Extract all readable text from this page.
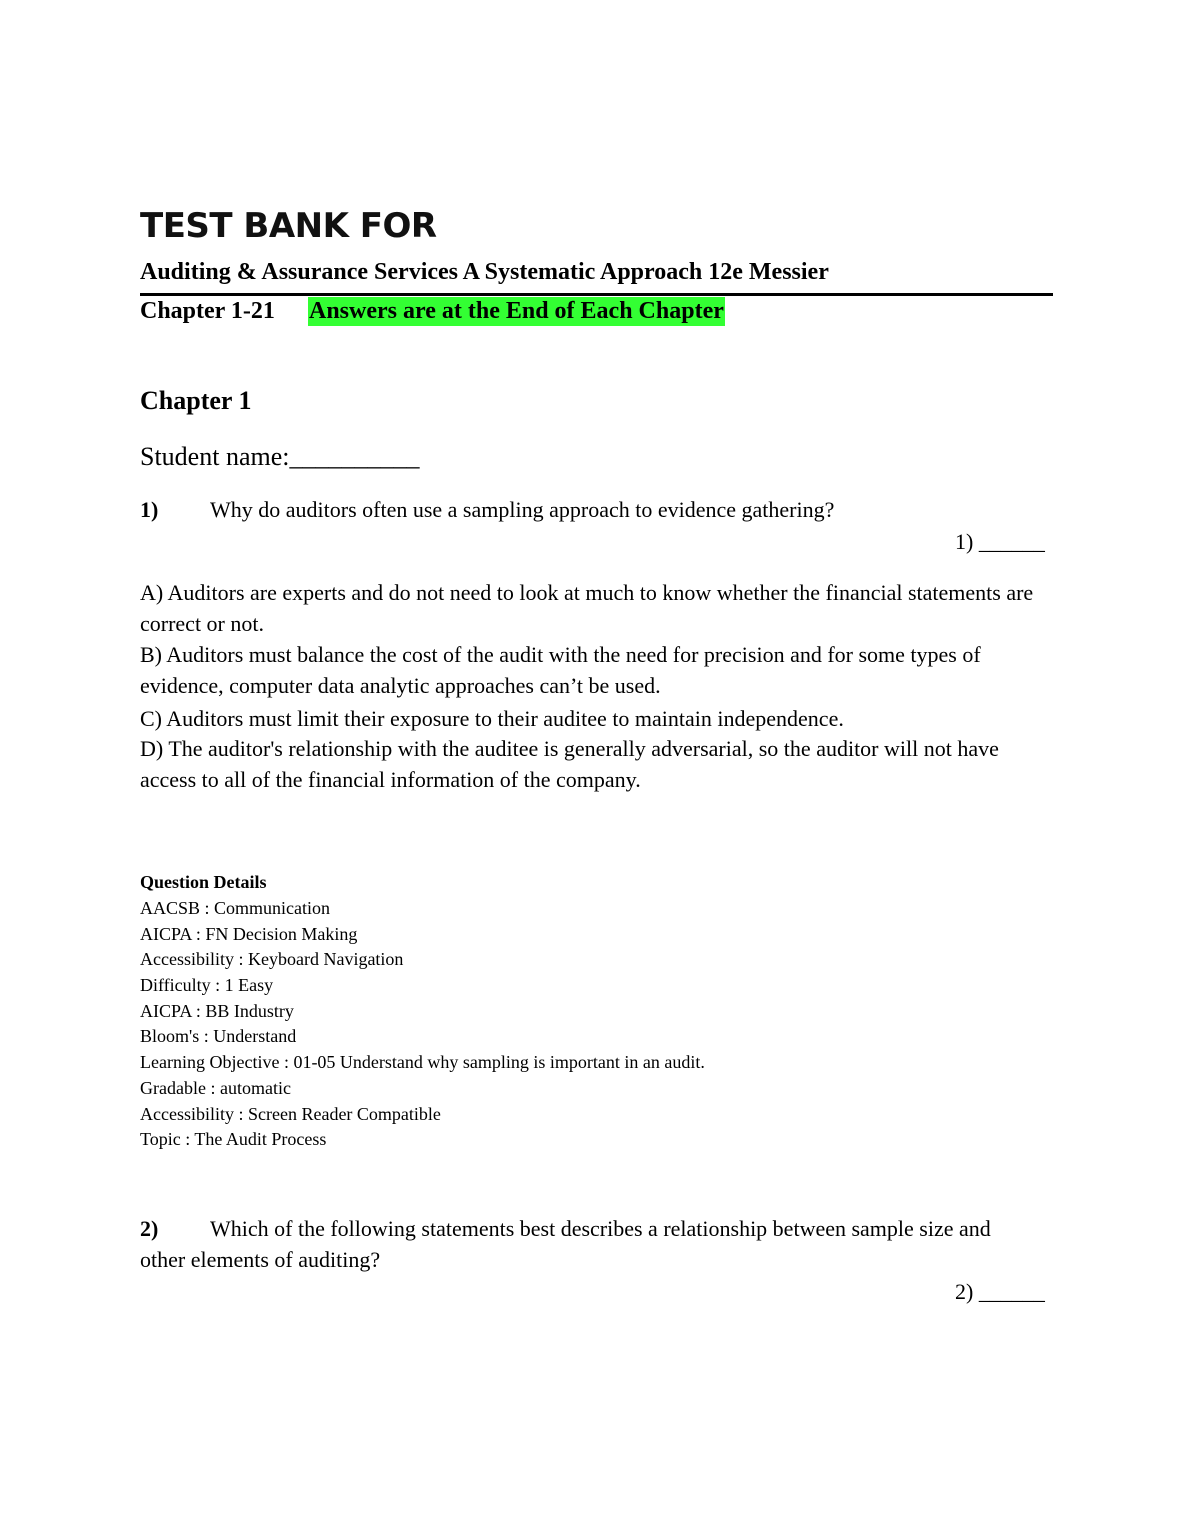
TEST BANK FOR
Auditing & Assurance Services A Systematic Approach 12e Messier
Chapter 1-21 Answers are at the End of Each Chapter
Chapter 1
Student name:__________
1) Why do auditors often use a sampling approach to evidence gathering?
1) ______
A) Auditors are experts and do not need to look at much to know whether the financial statements are correct or not.
B) Auditors must balance the cost of the audit with the need for precision and for some types of evidence, computer data analytic approaches can’t be used.
C) Auditors must limit their exposure to their auditee to maintain independence.
D) The auditor's relationship with the auditee is generally adversarial, so the auditor will not have access to all of the financial information of the company.
Question Details
AACSB : Communication
AICPA : FN Decision Making
Accessibility : Keyboard Navigation
Difficulty : 1 Easy
AICPA : BB Industry
Bloom's : Understand
Learning Objective : 01-05 Understand why sampling is important in an audit.
Gradable : automatic
Accessibility : Screen Reader Compatible
Topic : The Audit Process
2) Which of the following statements best describes a relationship between sample size and
other elements of auditing?
2) ______
